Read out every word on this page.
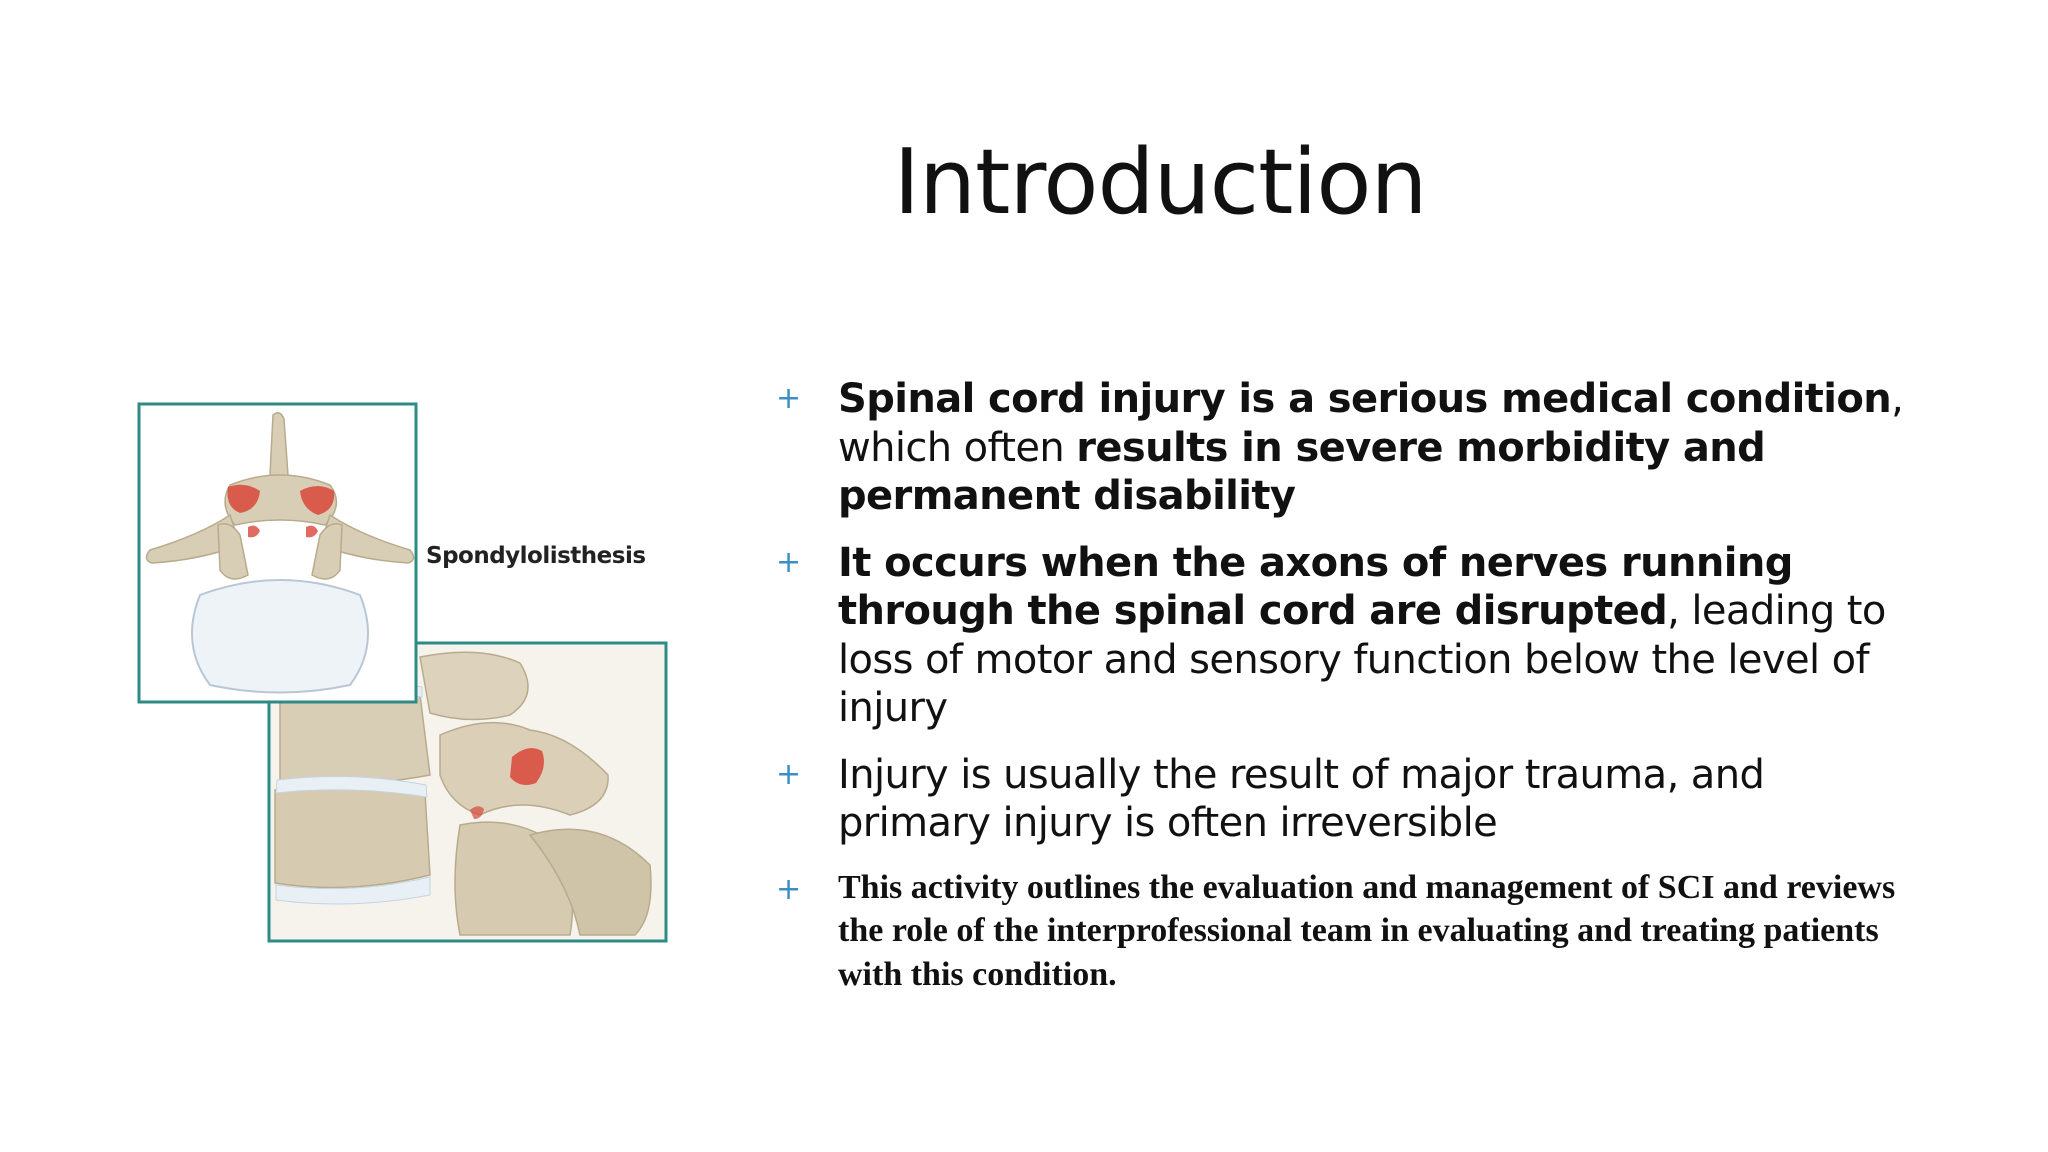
Introduction
Spondylolisthesis
+ Spinal cord injury is a serious medical condition, which often results in severe morbidity and permanent disability
+ It occurs when the axons of nerves running through the spinal cord are disrupted, leading to loss of motor and sensory function below the level of injury
+ Injury is usually the result of major trauma, and primary injury is often irreversible
+ This activity outlines the evaluation and management of SCI and reviews the role of the interprofessional team in evaluating and treating patients with this condition.
